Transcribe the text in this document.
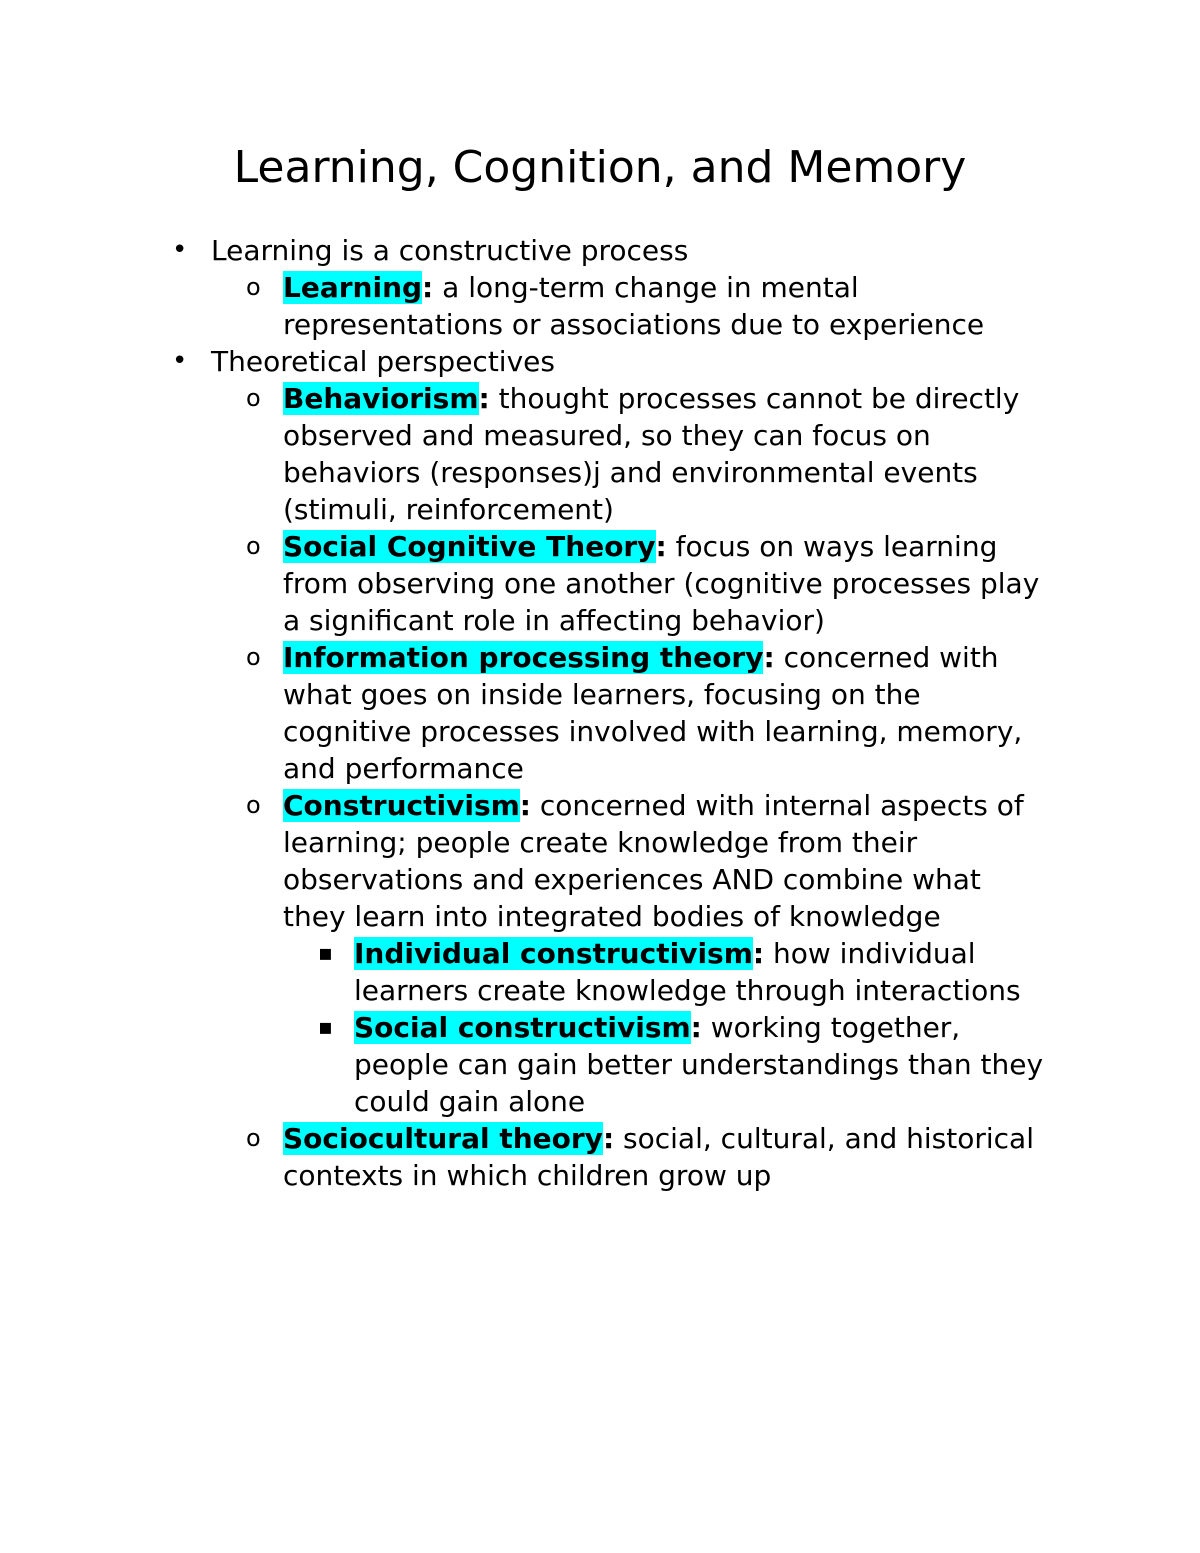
Learning, Cognition, and Memory
• Learning is a constructive process
o Learning: a long-term change in mental representations or associations due to experience
• Theoretical perspectives
o Behaviorism: thought processes cannot be directly observed and measured, so they can focus on behaviors (responses)j and environmental events (stimuli, reinforcement)
o Social Cognitive Theory: focus on ways learning from observing one another (cognitive processes play a significant role in affecting behavior)
o Information processing theory: concerned with what goes on inside learners, focusing on the cognitive processes involved with learning, memory, and performance
o Constructivism: concerned with internal aspects of learning; people create knowledge from their observations and experiences AND combine what they learn into integrated bodies of knowledge
▪ Individual constructivism: how individual learners create knowledge through interactions
▪ Social constructivism: working together, people can gain better understandings than they could gain alone
o Sociocultural theory: social, cultural, and historical contexts in which children grow up
